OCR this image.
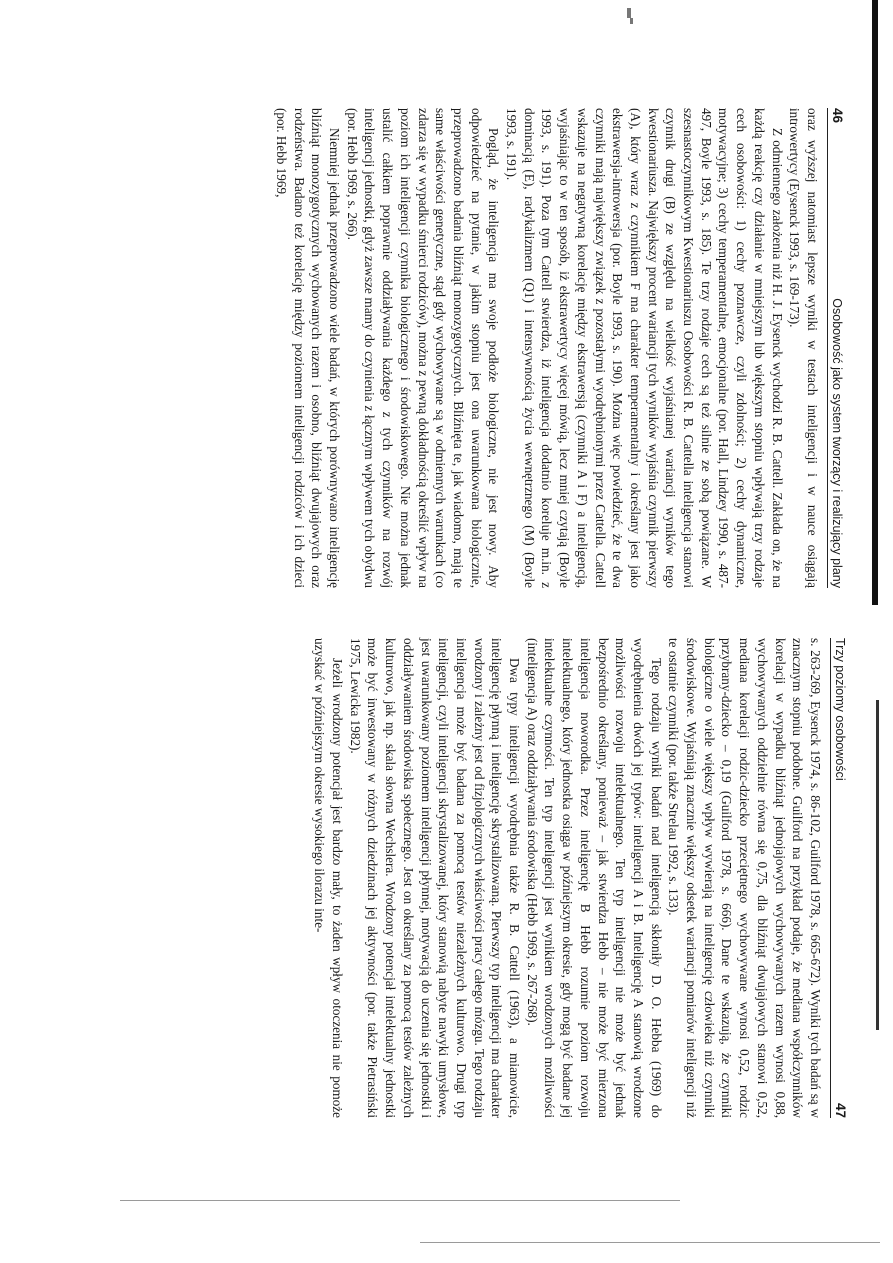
46
Osobowość jako system tworzący i realizujący plany

oraz wyższej natomiast lepsze wyniki w testach inteligencji i w nauce osiągają introwertycy (Eysenck 1993, s. 169-173).

Z odmiennego założenia niż H. J. Eysenck wychodzi R. B. Cattell. Zakłada on, że na każdą reakcję czy działanie w mniejszym lub większym stopniu wpływają trzy rodzaje cech osobowości: 1) cechy poznawcze, czyli zdolności; 2) cechy dynamiczne, motywacyjne; 3) cechy temperamentalne, emocjonalne (por. Hall, Lindzey 1990, s. 487-497, Boyle 1993, s. 185). Te trzy rodzaje cech są też silnie ze sobą powiązane. W szesnastoczynnikowym Kwestionariuszu Osobowości R. B. Cattella inteligencja stanowi czynnik drugi (B) ze względu na wielkość wyjaśnianej wariancji wyników tego kwestionariusza. Największy procent wariancji tych wyników wyjaśnia czynnik pierwszy (A), który wraz z czynnikiem F ma charakter temperamentalny i określany jest jako ekstrawersja-introwersja (por. Boyle 1993, s. 190). Można więc powiedzieć, że te dwa czynniki mają największy związek z pozostałymi wyodrębnionymi przez Cattella. Cattell wskazuje na negatywną korelację między ekstrawersją (czynniki A i F) a inteligencją, wyjaśniając to w ten sposób, iż ekstrawertycy więcej mówią, lecz mniej czytają (Boyle 1993, s. 191). Poza tym Cattell stwierdza, iż inteligencja dodatnio koreluje m.in. z dominacją (E), radykalizmem (Q1) i intensywnością życia wewnętrznego (M) (Boyle 1993, s. 191).

Pogląd, że inteligencja ma swoje podłoże biologiczne, nie jest nowy. Aby odpowiedzieć na pytanie, w jakim stopniu jest ona uwarunkowana biologicznie, przeprowadzono badania bliźniąt monozygotycznych. Bliźnięta te, jak wiadomo, mają te same właściwości genetyczne, stąd gdy wychowywane są w odmiennych warunkach (co zdarza się w wypadku śmierci rodziców), można z pewną dokładnością określić wpływ na poziom ich inteligencji czynnika biologicznego i środowiskowego. Nie można jednak ustalić całkiem poprawnie oddziaływania każdego z tych czynników na rozwój inteligencji jednostki, gdyż zawsze mamy do czynienia z łącznym wpływem tych obydwu (por. Hebb 1969, s. 266).

Niemniej jednak przeprowadzono wiele badań, w których porównywano inteligencję bliźniąt monozygotycznych wychowanych razem i osobno, bliźniąt dwujajowych oraz rodzeństwa. Badano też korelację między poziomem inteligencji rodziców i ich dzieci (por. Hebb 1969,

Trzy poziomy osobowości
47

s. 263-269, Eysenck 1974, s. 86-102, Guilford 1978, s. 665-672). Wyniki tych badań są w znacznym stopniu podobne. Guilford na przykład podaje, że mediana współczynników korelacji w wypadku bliźniąt jednojajowych wychowywanych razem wynosi 0,88, wychowywanych oddzielnie równa się 0,75, dla bliźniąt dwujajowych stanowi 0,52, mediana korelacji rodzic-dziecko przeciętnego wychowywane wynosi 0,52, rodzic przybrany-dziecko – 0,19 (Guilford 1978, s. 666). Dane te wskazują, że czynniki biologiczne o wiele większy wpływ wywierają na inteligencję człowieka niż czynniki środowiskowe. Wyjaśniają znacznie większy odsetek wariancji pomiarów inteligencji niż te ostatnie czynniki (por. także Strelau 1992, s. 133).

Tego rodzaju wyniki badań nad inteligencją skłoniły D. O. Hebba (1969) do wyodrębnienia dwóch jej typów: inteligencji A i B. Inteligencję A stanowią wrodzone możliwości rozwoju intelektualnego. Ten typ inteligencji nie może być jednak bezpośrednio określany, ponieważ – jak stwierdza Hebb – nie może być mierzona inteligencja noworodka. Przez inteligencję B Hebb rozumie poziom rozwoju intelektualnego, który jednostka osiąga w późniejszym okresie, gdy mogą być badane jej intelektualne czynności. Ten typ inteligencji jest wynikiem wrodzonych możliwości (inteligencja A) oraz oddziaływania środowiska (Hebb 1969, s. 267-268).

Dwa typy inteligencji wyodrębnia także R. B. Cattell (1963), a mianowicie, inteligencję płynną i inteligencję skrystalizowaną. Pierwszy typ inteligencji ma charakter wrodzony i zależny jest od fizjologicznych właściwości pracy całego mózgu. Tego rodzaju inteligencja może być badana za pomocą testów niezależnych kulturowo. Drugi typ inteligencji, czyli inteligencji skrystalizowanej, który stanowią nabyte nawyki umysłowe, jest uwarunkowany poziomem inteligencji płynnej, motywacją do uczenia się jednostki i oddziaływaniem środowiska społecznego. Jest on określany za pomocą testów zależnych kulturowo, jak np. skala słowna Wechslera. Wrodzony potencjał intelektualny jednostki może być inwestowany w różnych dziedzinach jej aktywności (por. także Pietrasiński 1975, Lewicka 1982).

Jeżeli wrodzony potencjał jest bardzo mały, to żaden wpływ otoczenia nie pomoże uzyskać w późniejszym okresie wysokiego ilorazu inte-
